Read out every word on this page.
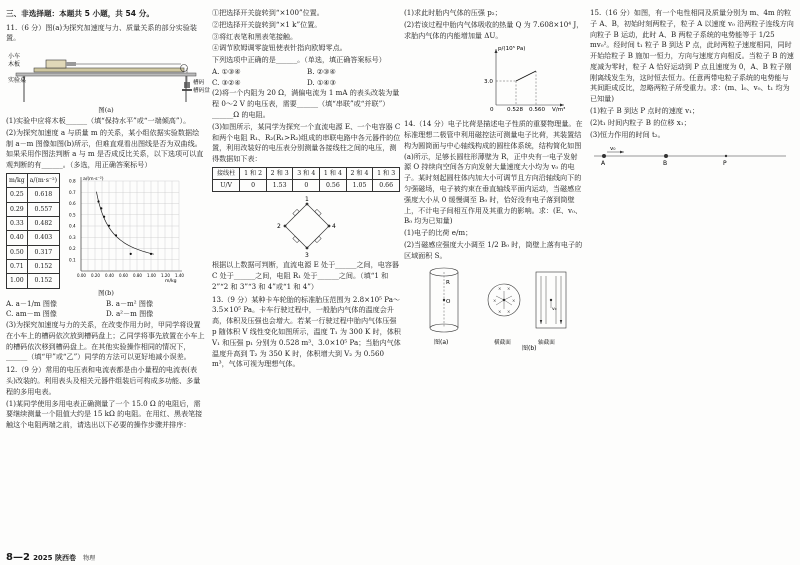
三、非选择题：本题共 5 小题，共 54 分。

11.（6 分）图(a)为探究加速度与力、质量关系的部分实验装置。

小车
木板
实验桌	槽码
槽码盘
图(a)

(1)实验中应将木板______（填“保持水平”或“一端倾高”）。

(2)为探究加速度 a 与质量 m 的关系，某小组依据实验数据绘制 a－m 图像如图(b)所示，但难直观看出图线是否为双曲线。如果采用作图法判断 a 与 m 是否成反比关系，以下选项可以直观判断的有______。（多选，用正确答案标号）

m/kg	a/(m·s⁻²)
0.25	0.618
0.29	0.557
0.33	0.482
0.40	0.403
0.50	0.317
0.71	0.152
1.00	0.152
0.1
0.2
0.3
0.4
0.5
0.6
0.7
0.8
0.00 0.20 0.40 0.60 0.80 1.00 1.20 1.40
a/(m·s⁻²)
m/kg
图(b)
A. a－1/m 图像	B. a－m² 图像
C. am－m 图像	D. a²－m 图像

(3)为探究加速度与力的关系，在改变作用力时，甲同学将设置在小车上的槽码依次放到槽码盘上；乙同学将事先放置在小车上的槽码依次移到槽码盘上。在其他实验操作相同的情况下，______（填“甲”或“乙”）同学的方法可以更好地减小误差。

12.（9 分）常用的电压表和电流表都是由小量程的电流表(表头)改装的。利用表头及相关元器件组装后可构成多功能、多量程的多用电表。

(1)某同学使用多用电表正确测量了一个 15.0 Ω 的电阻后，需要继续测量一个阻值大约是 15 kΩ 的电阻。在用红、黑表笔接触这个电阻两端之前，请选出以下必要的操作步骤并排序：

①把选择开关旋转到“×100”位置。

②把选择开关旋转到“×1 k”位置。

③将红表笔和黑表笔接触。

④调节欧姆调零旋钮使表针指向欧姆零点。

下列选项中正确的是______。（单选，填正确答案标号）

A. ①③④	B. ②③④
C. ③②④	D. ①④③

(2)将一个内阻为 20 Ω，满偏电流为 1 mA 的表头改装为量程 0～2 V 的电压表，需要______（填“串联”或“并联”）______Ω 的电阻。

(3)如图所示，某同学为探究一个直流电源 E、一个电容器 C 和两个电阻 R₁、R₂(R₁>R₂)组成的串联电路中各元器件的位置，利用改装好的电压表分别测量各接线柱之间的电压，测得数据如下表：

接线柱	1 和 2	2 和 3	3 和 4	1 和 4	2 和 4	1 和 3
U/V	0	1.53	0	0.56	1.05	0.66
1
4
3
2

根据以上数据可判断，直流电源 E 处于______之间，电容器 C 处于______之间，电阻 R₁ 处于______之间。（填“1 和 2”“2 和 3”“3 和 4”或“1 和 4”）

13.（9 分）某种卡车轮胎的标准胎压范围为 2.8×10⁵ Pa～3.5×10⁵ Pa。卡车行驶过程中，一般胎内气体的温度会升高，体积及压强也会增大。若某一行驶过程中胎内气体压强 p 随体积 V 线性变化如图所示，温度 T₁ 为 300 K 时，体积 V₁ 和压强 p₁ 分别为 0.528 m³、3.0×10⁵ Pa；当胎内气体温度升高到 T₂ 为 350 K 时，体积增大到 V₂ 为 0.560 m³，气体可视为理想气体。

(1)求此时胎内气体的压强 p₂；

(2)若该过程中胎内气体吸收的热量 Q 为 7.608×10⁴ J，求胎内气体的内能增加量 ΔU。

p/(10⁵ Pa)
3.0
0 0.528 0.560 V/m³

14.（14 分）电子比荷是描述电子性质的重要物理量。在标准理想二极管中利用磁控法可测量电子比荷，其装置结构为圆筒面与中心轴线构成的圆柱体系统，结构简化如图(a)所示，足够长圆柱形薄壁为 R，正中央有一电子发射源 O 持续向空间各方向发射大量速度大小均为 v₀ 的电子。某时刻起圆柱体内加大小可调节且方向沿轴线向下的匀强磁场，电子被约束在垂直轴线平面内运动，当磁感应强度大小从 0 缓慢调至 B₀ 时，恰好没有电子落到筒壁上，不计电子间相互作用及其重力的影响。求：(E、v₀、B₀ 均为已知量)

(1)电子的比荷 e/m；

(2)当磁感应强度大小调至 1/2 B₀ 时，筒壁上落有电子的区域面积 S。

O
R
图(a)
× ×
×	×
× ×
横截面
v₀
轴截面
图(b)

15.（16 分）如图，有一个电性相同及质量分别为 m、4m 的粒子 A、B，初始时刻两粒子，粒子 A 以速度 v₀ 沿两粒子连线方向向粒子 B 运动，此时 A、B 两粒子系统的电势能等于 1/25 mv₀²。经时间 t₁ 粒子 B 到达 P 点，此时两粒子速度相同，同时开始给粒子 B 施加一恒力，方向与速度方向相反。当粒子 B 的速度减为零时，粒子 A 恰好运动到 P 点且速度为 0，A、B 粒子刚刚离线发生为，这时恒去恒力。任意两带电粒子系统的电势能与其间距成反比，忽略两粒子所受重力。求：(m、l₀、v₀、t₁ 均为已知量)

(1)粒子 B 到达 P 点时的速度 v₁；

(2)t₁ 时间内粒子 B 的位移 x₁；

(3)恒力作用的时间 t₂。

A
v₀
B	P
8—2 2025 陕西卷 物理
